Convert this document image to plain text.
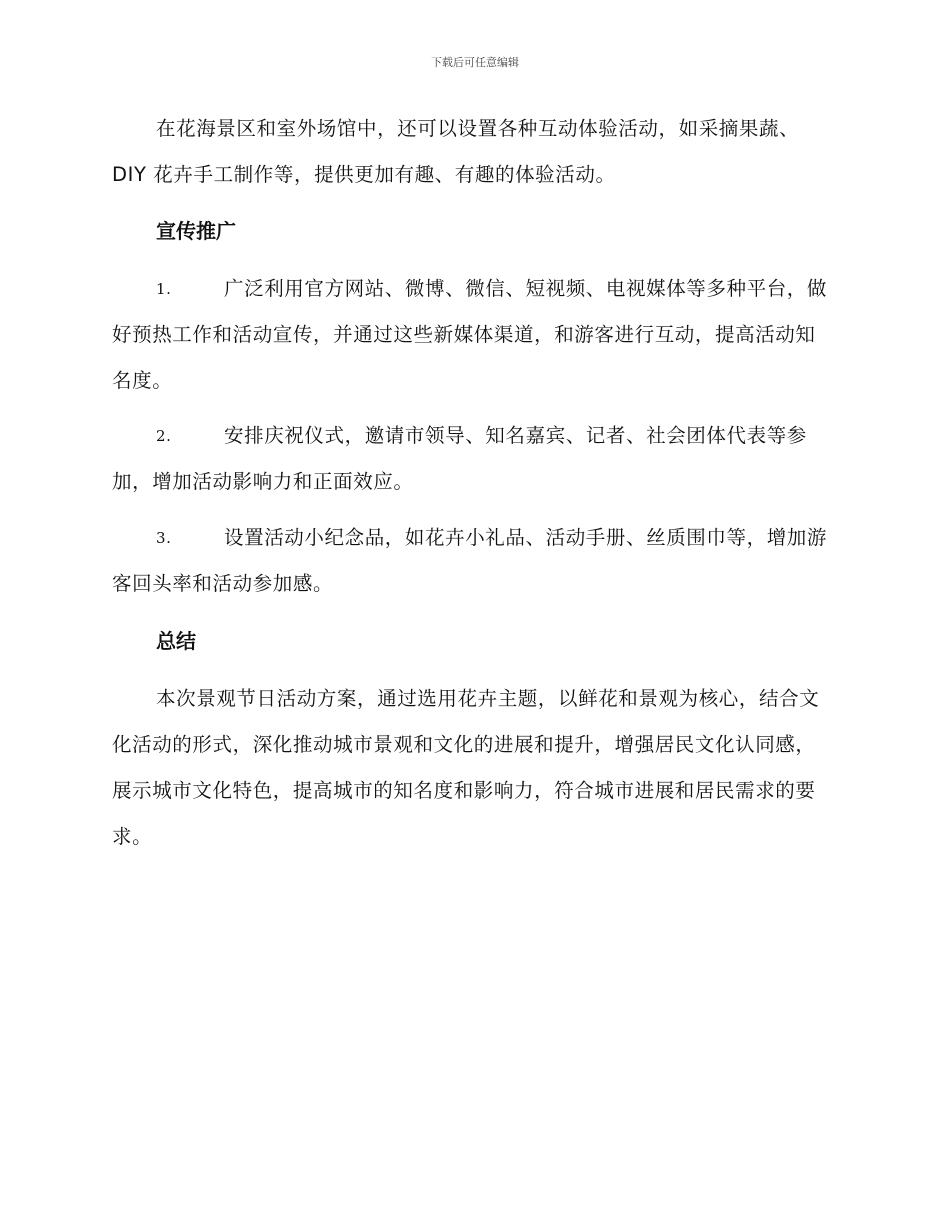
下载后可任意编辑

在花海景区和室外场馆中，还可以设置各种互动体验活动，如采摘果蔬、DIY 花卉手工制作等，提供更加有趣、有趣的体验活动。

宣传推广

1.	广泛利用官方网站、微博、微信、短视频、电视媒体等多种平台，做好预热工作和活动宣传，并通过这些新媒体渠道，和游客进行互动，提高活动知名度。

2.	安排庆祝仪式，邀请市领导、知名嘉宾、记者、社会团体代表等参加，增加活动影响力和正面效应。

3.	设置活动小纪念品，如花卉小礼品、活动手册、丝质围巾等，增加游客回头率和活动参加感。

总结

本次景观节日活动方案，通过选用花卉主题，以鲜花和景观为核心，结合文化活动的形式，深化推动城市景观和文化的进展和提升，增强居民文化认同感，展示城市文化特色，提高城市的知名度和影响力，符合城市进展和居民需求的要求。
